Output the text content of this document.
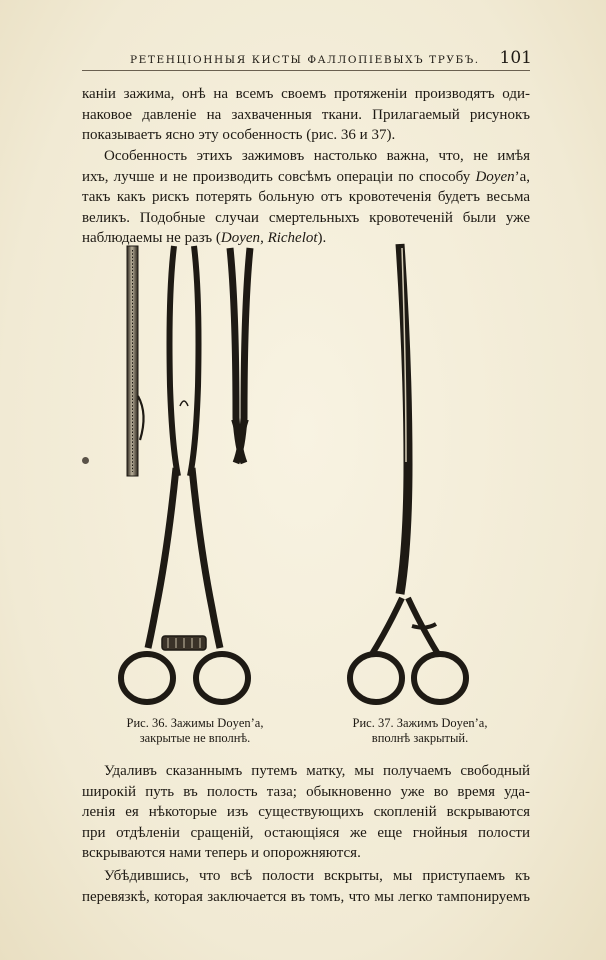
РЕТЕНЦІОННЫЯ КИСТЫ ФАЛЛОПІЕВЫХЪ ТРУБЪ. 101
каніи зажима, онѣ на всемъ своемъ протяженіи производятъ оди-
наковое давленіе на захваченныя ткани. Прилагаемый рисунокъ
показываетъ ясно эту особенность (рис. 36 и 37).
Особенность этихъ зажимовъ настолько важна, что, не имѣя
ихъ, лучше и не производить совсѣмъ операціи по способу Doyen’a,
такъ какъ рискъ потерять больную отъ кровотеченія будетъ весьма
великъ. Подобные случаи смертельныхъ кровотеченій были уже
наблюдаемы не разъ (Doyen, Richelot).
Рис. 36. Зажимы Doyen’a,
закрытые не вполнѣ.
Рис. 37. Зажимъ Doyen’a,
вполнѣ закрытый.
Удаливъ сказаннымъ путемъ матку, мы получаемъ свободный
широкій путь въ полость таза; обыкновенно уже во время уда-
ленія ея нѣкоторые изъ существующихъ скопленій вскрываются
при отдѣленіи сращеній, остающіяся же еще гнойныя полости
вскрываются нами теперь и опорожняются.
Убѣдившись, что всѣ полости вскрыты, мы приступаемъ къ
перевязкѣ, которая заключается въ томъ, что мы легко тампонируемъ
